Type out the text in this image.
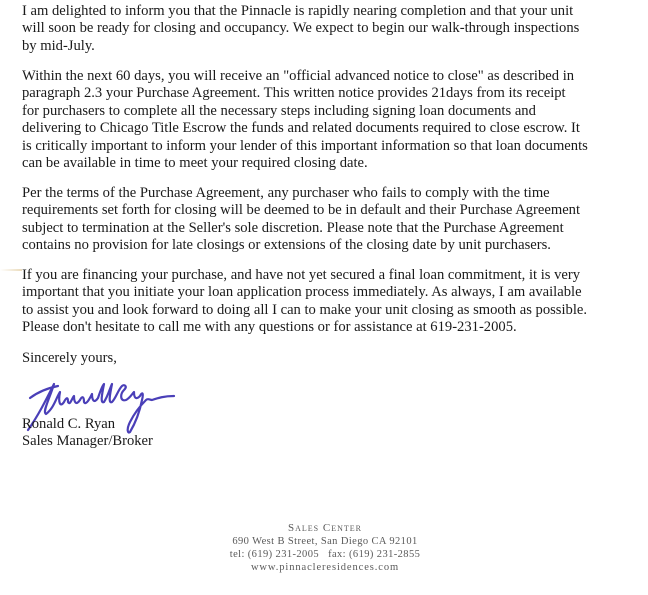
I am delighted to inform you that the Pinnacle is rapidly nearing completion and that your unit
will soon be ready for closing and occupancy. We expect to begin our walk-through inspections
by mid-July.
Within the next 60 days, you will receive an "official advanced notice to close" as described in
paragraph 2.3 your Purchase Agreement. This written notice provides 21days from its receipt
for purchasers to complete all the necessary steps including signing loan documents and
delivering to Chicago Title Escrow the funds and related documents required to close escrow. It
is critically important to inform your lender of this important information so that loan documents
can be available in time to meet your required closing date.
Per the terms of the Purchase Agreement, any purchaser who fails to comply with the time
requirements set forth for closing will be deemed to be in default and their Purchase Agreement
subject to termination at the Seller's sole discretion. Please note that the Purchase Agreement
contains no provision for late closings or extensions of the closing date by unit purchasers.
If you are financing your purchase, and have not yet secured a final loan commitment, it is very
important that you initiate your loan application process immediately. As always, I am available
to assist you and look forward to doing all I can to make your unit closing as smooth as possible.
Please don't hesitate to call me with any questions or for assistance at 619-231-2005.
Sincerely yours,
Ronald C. Ryan
Sales Manager/Broker
Sales Center
690 West B Street, San Diego CA 92101
tel: (619) 231-2005   fax: (619) 231-2855
www.pinnacleresidences.com
